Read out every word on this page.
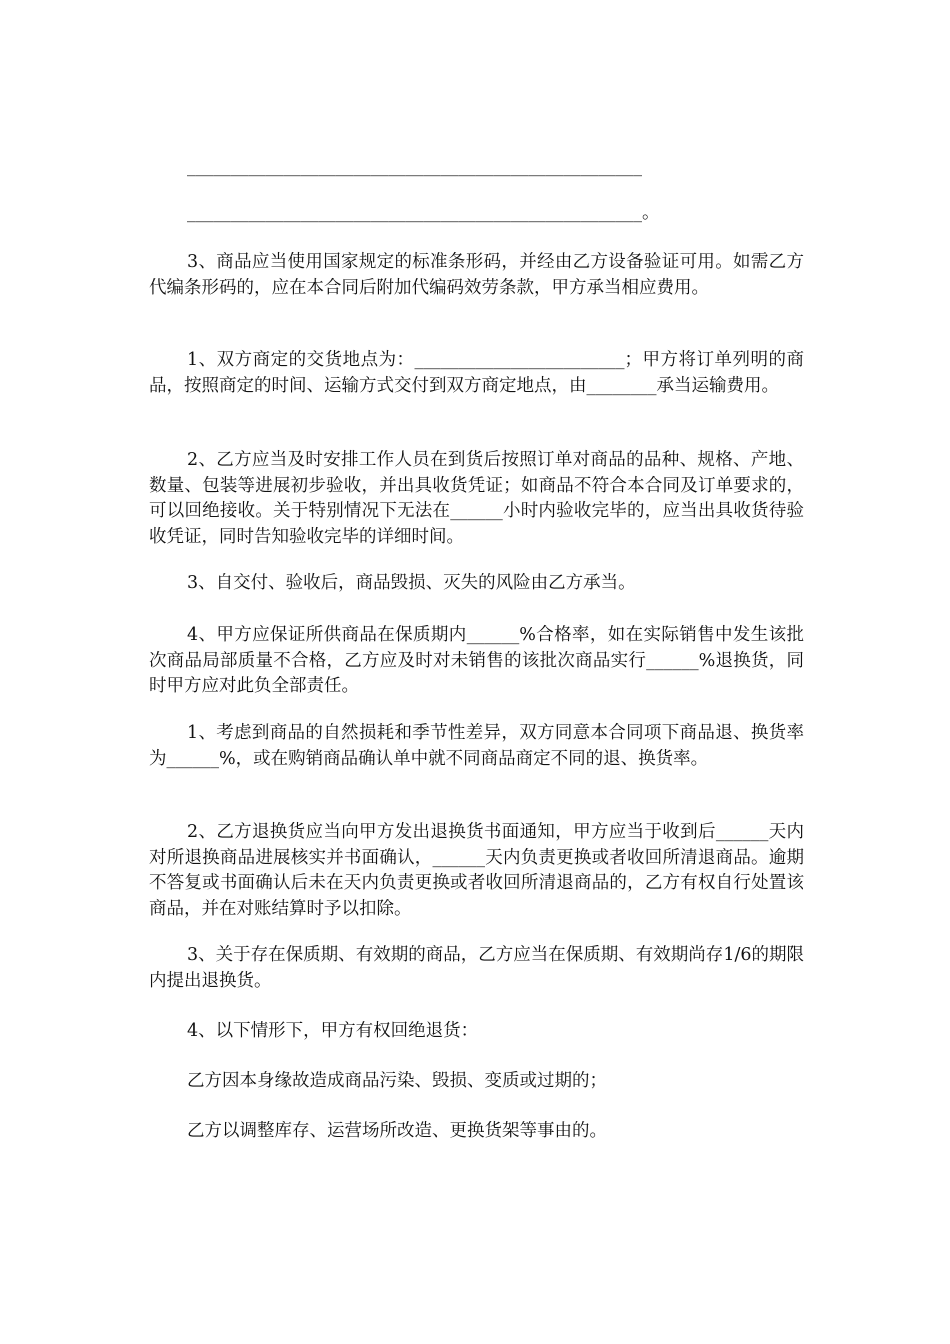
____________________________________________________

____________________________________________________。

3、商品应当使用国家规定的标准条形码，并经由乙方设备验证可用。如需乙方代编条形码的，应在本合同后附加代编码效劳条款，甲方承当相应费用。

1、双方商定的交货地点为：________________________；甲方将订单列明的商品，按照商定的时间、运输方式交付到双方商定地点，由________承当运输费用。

2、乙方应当及时安排工作人员在到货后按照订单对商品的品种、规格、产地、数量、包装等进展初步验收，并出具收货凭证；如商品不符合本合同及订单要求的，可以回绝接收。关于特别情况下无法在______小时内验收完毕的，应当出具收货待验收凭证，同时告知验收完毕的详细时间。

3、自交付、验收后，商品毁损、灭失的风险由乙方承当。

4、甲方应保证所供商品在保质期内______%合格率，如在实际销售中发生该批次商品局部质量不合格，乙方应及时对未销售的该批次商品实行______%退换货，同时甲方应对此负全部责任。

1、考虑到商品的自然损耗和季节性差异，双方同意本合同项下商品退、换货率为______%，或在购销商品确认单中就不同商品商定不同的退、换货率。

2、乙方退换货应当向甲方发出退换货书面通知，甲方应当于收到后______天内对所退换商品进展核实并书面确认，______天内负责更换或者收回所清退商品。逾期不答复或书面确认后未在天内负责更换或者收回所清退商品的，乙方有权自行处置该商品，并在对账结算时予以扣除。

3、关于存在保质期、有效期的商品，乙方应当在保质期、有效期尚存1/6的期限内提出退换货。

4、以下情形下，甲方有权回绝退货：

乙方因本身缘故造成商品污染、毁损、变质或过期的；

乙方以调整库存、运营场所改造、更换货架等事由的。
